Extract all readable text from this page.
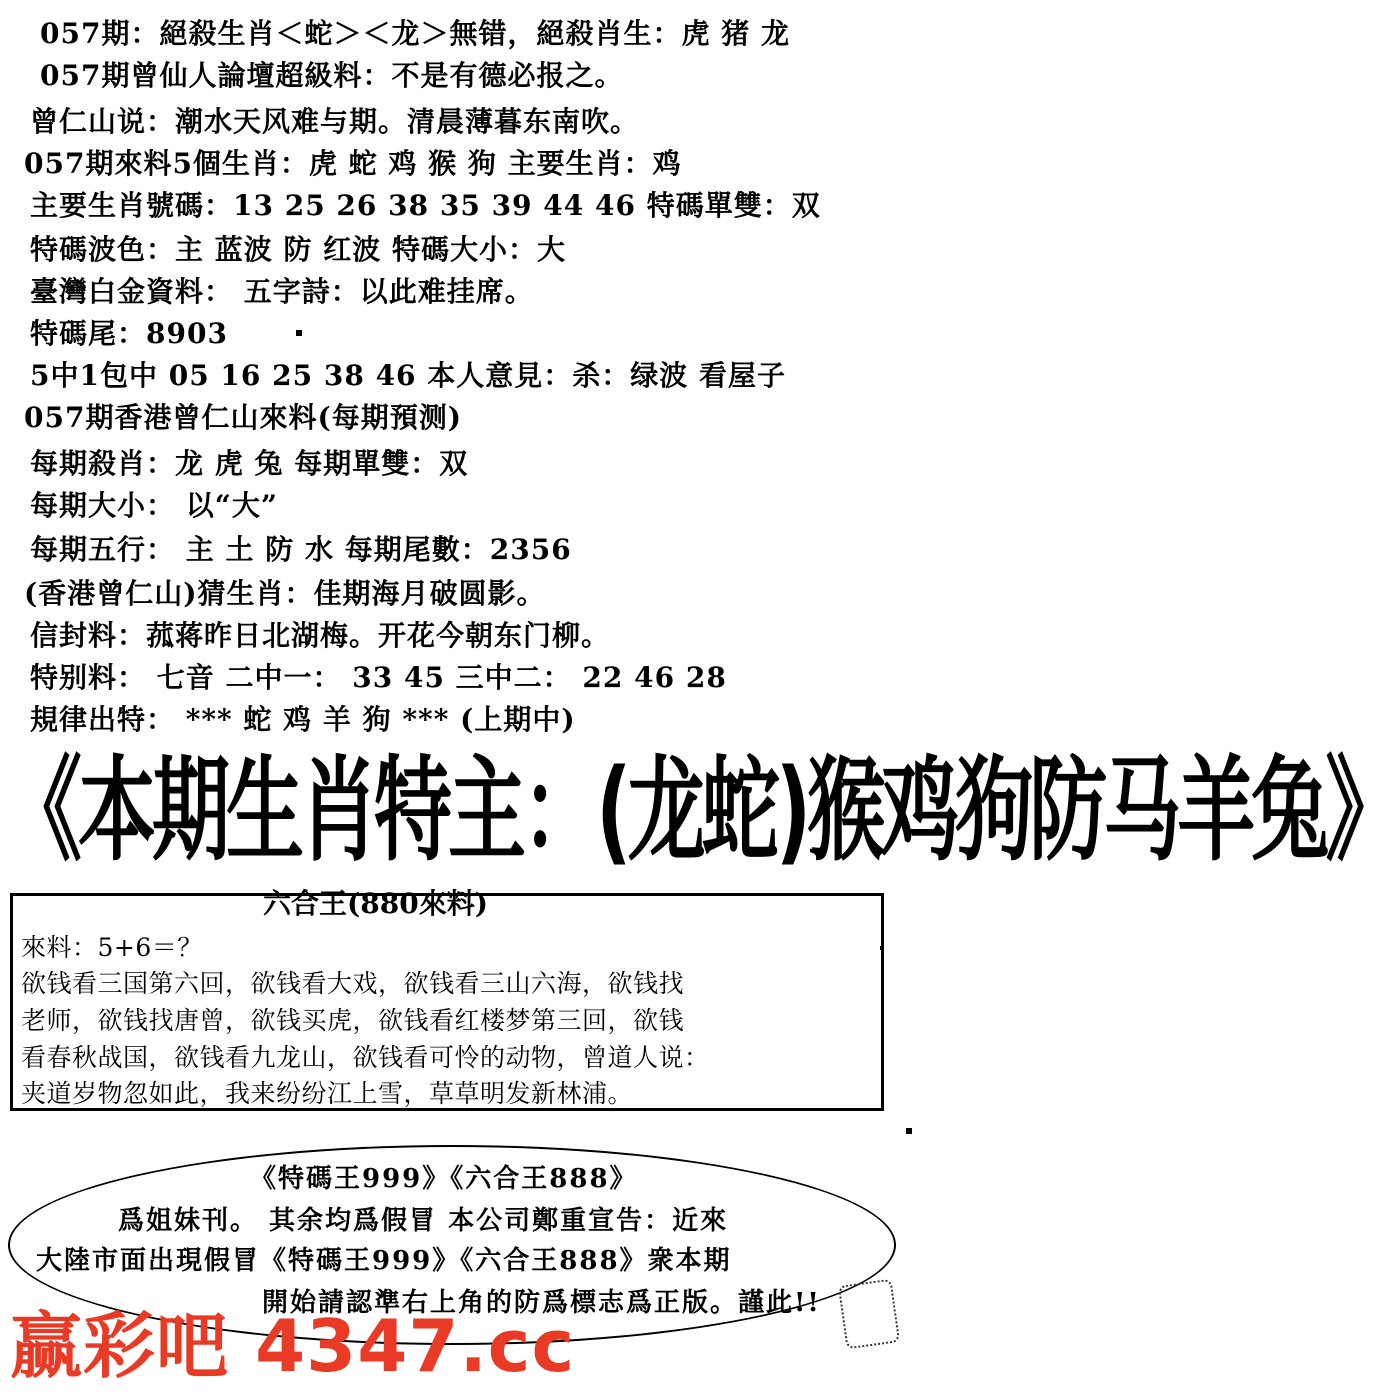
057期：絕殺生肖＜蛇＞＜龙＞無错，絕殺肖生：虎 猪 龙
057期曾仙人論壇超級料：不是有德必报之。
曾仁山说：潮水天风难与期。清晨薄暮东南吹。
057期來料5個生肖：虎 蛇 鸡 猴 狗 主要生肖：鸡
主要生肖號碼：13 25 26 38 35 39 44 46 特碼單雙：双
特碼波色：主 蓝波 防 红波 特碼大小：大
臺灣白金資料： 五字詩：以此难挂席。
特碼尾：8903
5中1包中 05 16 25 38 46 本人意見：杀：绿波 看屋子
057期香港曾仁山來料(每期預测)
每期殺肖：龙 虎 兔 每期單雙：双
每期大小： 以“大”
每期五行： 主 土 防 水 每期尾數：2356
(香港曾仁山)猜生肖：佳期海月破圆影。
信封料：菰蒋昨日北湖梅。开花今朝东门柳。
特别料： 七音 二中一： 33 45 三中二： 22 46 28
規律出特： *** 蛇 鸡 羊 狗 *** (上期中)
《本期生肖特主：(龙蛇)猴鸡狗防马羊兔》
六合王(880來料)
來料：5+6＝？
欲钱看三国第六回，欲钱看大戏，欲钱看三山六海，欲钱找
老师，欲钱找唐曾，欲钱买虎，欲钱看红楼梦第三回，欲钱
看春秋战国，欲钱看九龙山，欲钱看可怜的动物，曾道人说：
夹道岁物忽如此，我来纷纷江上雪，草草明发新林浦。
《特碼王999》《六合王888》
爲姐妹刊。 其余均爲假冒 本公司鄭重宣告：近來
大陸市面出現假冒《特碼王999》《六合王888》衆本期
開始請認準右上角的防爲標志爲正版。謹此!!
赢彩吧 4347.cc
